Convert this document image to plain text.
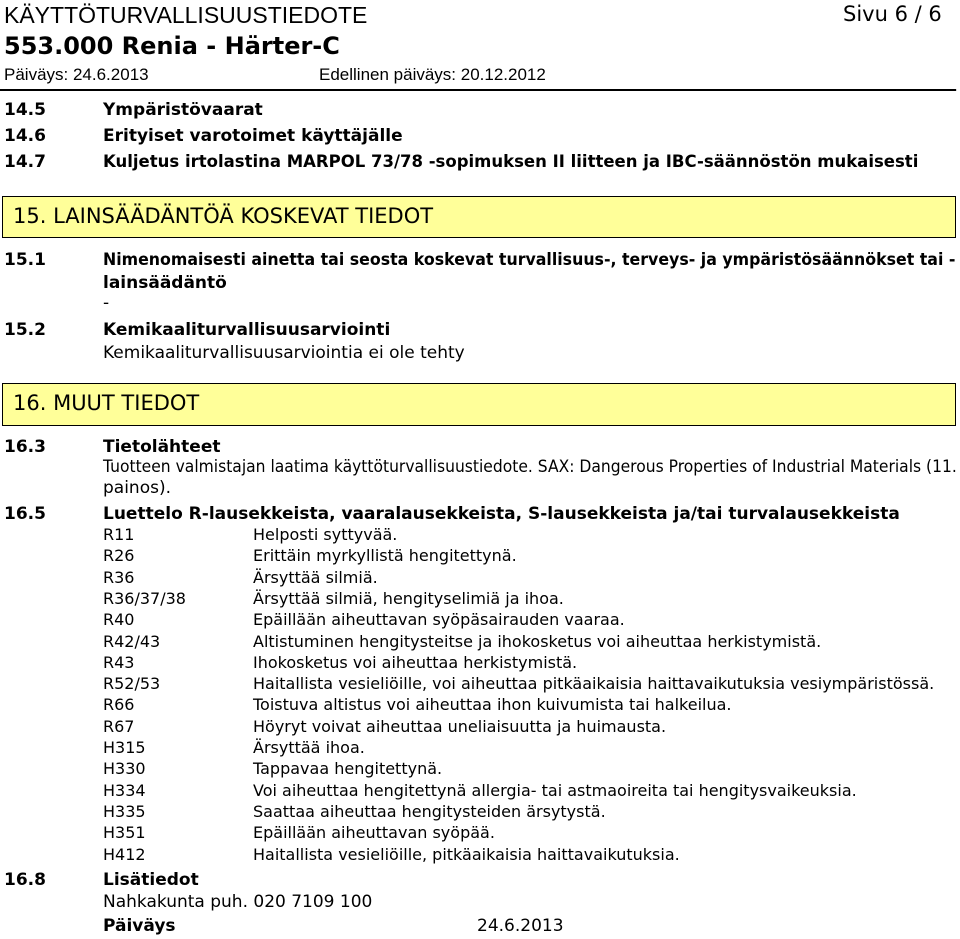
KÄYTTÖTURVALLISUUSTIEDOTE	Sivu 6 / 6
553.000 Renia - Härter-C
Päiväys: 24.6.2013	Edellinen päiväys: 20.12.2012
14.5	Ympäristövaarat
14.6	Erityiset varotoimet käyttäjälle
14.7	Kuljetus irtolastina MARPOL 73/78 -sopimuksen II liitteen ja IBC-säännöstön mukaisesti
15. LAINSÄÄDÄNTÖÄ KOSKEVAT TIEDOT
15.1	Nimenomaisesti ainetta tai seosta koskevat turvallisuus-, terveys- ja ympäristösäännökset tai -
lainsäädäntö
-
15.2	Kemikaaliturvallisuusarviointi
Kemikaaliturvallisuusarviointia ei ole tehty
16. MUUT TIEDOT
16.3	Tietolähteet
Tuotteen valmistajan laatima käyttöturvallisuustiedote. SAX: Dangerous Properties of Industrial Materials (11.
painos).
16.5	Luettelo R-lausekkeista, vaaralausekkeista, S-lausekkeista ja/tai turvalausekkeista
R11	Helposti syttyvää.
R26	Erittäin myrkyllistä hengitettynä.
R36	Ärsyttää silmiä.
R36/37/38	Ärsyttää silmiä, hengityselimiä ja ihoa.
R40	Epäillään aiheuttavan syöpäsairauden vaaraa.
R42/43	Altistuminen hengitysteitse ja ihokosketus voi aiheuttaa herkistymistä.
R43	Ihokosketus voi aiheuttaa herkistymistä.
R52/53	Haitallista vesieliöille, voi aiheuttaa pitkäaikaisia haittavaikutuksia vesiympäristössä.
R66	Toistuva altistus voi aiheuttaa ihon kuivumista tai halkeilua.
R67	Höyryt voivat aiheuttaa uneliaisuutta ja huimausta.
H315	Ärsyttää ihoa.
H330	Tappavaa hengitettynä.
H334	Voi aiheuttaa hengitettynä allergia- tai astmaoireita tai hengitysvaikeuksia.
H335	Saattaa aiheuttaa hengitysteiden ärsytystä.
H351	Epäillään aiheuttavan syöpää.
H412	Haitallista vesieliöille, pitkäaikaisia haittavaikutuksia.
16.8	Lisätiedot
Nahkakunta puh. 020 7109 100
Päiväys	24.6.2013
